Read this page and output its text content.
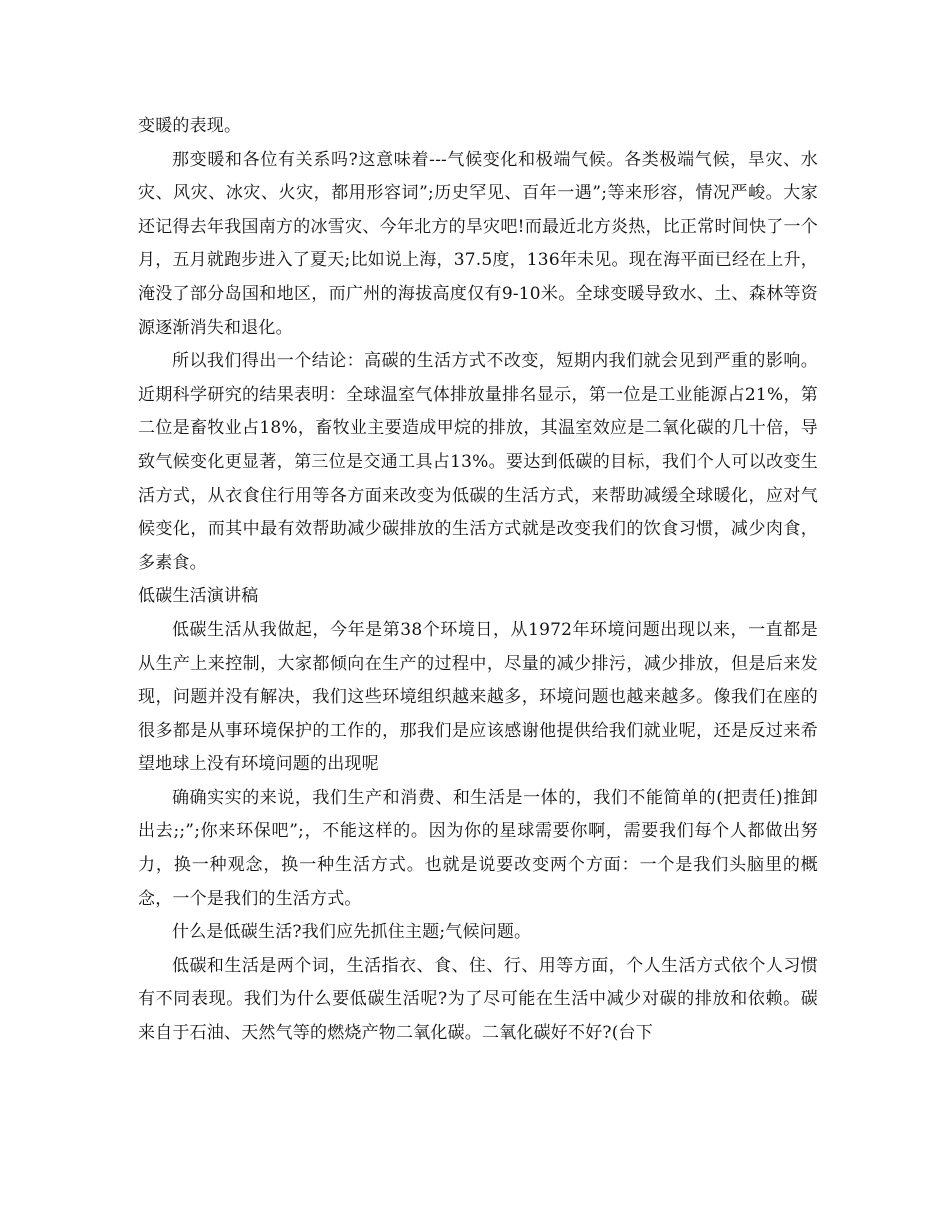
变暖的表现。

那变暖和各位有关系吗?这意味着---气候变化和极端气候。各类极端气候，旱灾、水灾、风灾、冰灾、火灾，都用形容词”;历史罕见、百年一遇”;等来形容，情况严峻。大家还记得去年我国南方的冰雪灾、今年北方的旱灾吧!而最近北方炎热，比正常时间快了一个月，五月就跑步进入了夏天;比如说上海，37.5度，136年未见。现在海平面已经在上升，淹没了部分岛国和地区，而广州的海拔高度仅有9-10米。全球变暖导致水、土、森林等资源逐渐消失和退化。

所以我们得出一个结论：高碳的生活方式不改变，短期内我们就会见到严重的影响。近期科学研究的结果表明：全球温室气体排放量排名显示，第一位是工业能源占21%，第二位是畜牧业占18%，畜牧业主要造成甲烷的排放，其温室效应是二氧化碳的几十倍，导致气候变化更显著，第三位是交通工具占13%。要达到低碳的目标，我们个人可以改变生活方式，从衣食住行用等各方面来改变为低碳的生活方式，来帮助减缓全球暖化，应对气候变化，而其中最有效帮助减少碳排放的生活方式就是改变我们的饮食习惯，减少肉食，多素食。

低碳生活演讲稿

低碳生活从我做起，今年是第38个环境日，从1972年环境问题出现以来，一直都是从生产上来控制，大家都倾向在生产的过程中，尽量的减少排污，减少排放，但是后来发现，问题并没有解决，我们这些环境组织越来越多，环境问题也越来越多。像我们在座的很多都是从事环境保护的工作的，那我们是应该感谢他提供给我们就业呢，还是反过来希望地球上没有环境问题的出现呢

确确实实的来说，我们生产和消费、和生活是一体的，我们不能简单的(把责任)推卸出去;;”;你来环保吧”;，不能这样的。因为你的星球需要你啊，需要我们每个人都做出努力，换一种观念，换一种生活方式。也就是说要改变两个方面：一个是我们头脑里的概念，一个是我们的生活方式。

什么是低碳生活?我们应先抓住主题;气候问题。

低碳和生活是两个词，生活指衣、食、住、行、用等方面，个人生活方式依个人习惯有不同表现。我们为什么要低碳生活呢?为了尽可能在生活中减少对碳的排放和依赖。碳来自于石油、天然气等的燃烧产物二氧化碳。二氧化碳好不好?(台下
